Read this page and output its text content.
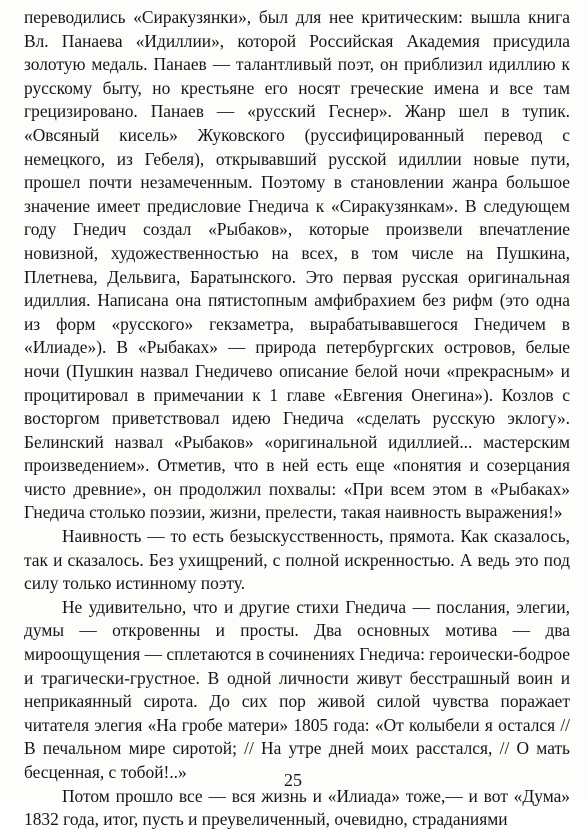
переводились «Сиракузянки», был для нее критическим: вышла книга Вл. Панаева «Идиллии», которой Российская Академия присудила золотую медаль. Панаев — талантливый поэт, он приблизил идиллию к русскому быту, но крестьяне его носят греческие имена и все там грецизировано. Панаев — «русский Геснер». Жанр шел в тупик. «Овсяный кисель» Жуковского (руссифицированный перевод с немецкого, из Гебеля), открывавший русской идиллии новые пути, прошел почти незамеченным. Поэтому в становлении жанра большое значение имеет предисловие Гнедича к «Сиракузянкам». В следующем году Гнедич создал «Рыбаков», которые произвели впечатление новизной, художественностью на всех, в том числе на Пушкина, Плетнева, Дельвига, Баратынского. Это первая русская оригинальная идиллия. Написана она пятистопным амфибрахием без рифм (это одна из форм «русского» гекзаметра, вырабатывавшегося Гнедичем в «Илиаде»). В «Рыбаках» — природа петербургских островов, белые ночи (Пушкин назвал Гнедичево описание белой ночи «прекрасным» и процитировал в примечании к 1 главе «Евгения Онегина»). Козлов с восторгом приветствовал идею Гнедича «сделать русскую эклогу». Белинский назвал «Рыбаков» «оригинальной идиллией... мастерским произведением». Отметив, что в ней есть еще «понятия и созерцания чисто древние», он продолжил похвалы: «При всем этом в «Рыбаках» Гнедича столько поэзии, жизни, прелести, такая наивность выражения!»

Наивность — то есть безыскусственность, прямота. Как сказалось, так и сказалось. Без ухищрений, с полной искренностью. А ведь это под силу только истинному поэту.

Не удивительно, что и другие стихи Гнедича — послания, элегии, думы — откровенны и просты. Два основных мотива — два мироощущения — сплетаются в сочинениях Гнедича: героически-бодрое и трагически-грустное. В одной личности живут бесстрашный воин и неприкаянный сирота. До сих пор живой силой чувства поражает читателя элегия «На гробе матери» 1805 года: «От колыбели я остался // В печальном мире сиротой; // На утре дней моих расстался, // О мать бесценная, с тобой!..»

Потом прошло все — вся жизнь и «Илиада» тоже,— и вот «Дума» 1832 года, итог, пусть и преувеличенный, очевидно, страданиями

25
